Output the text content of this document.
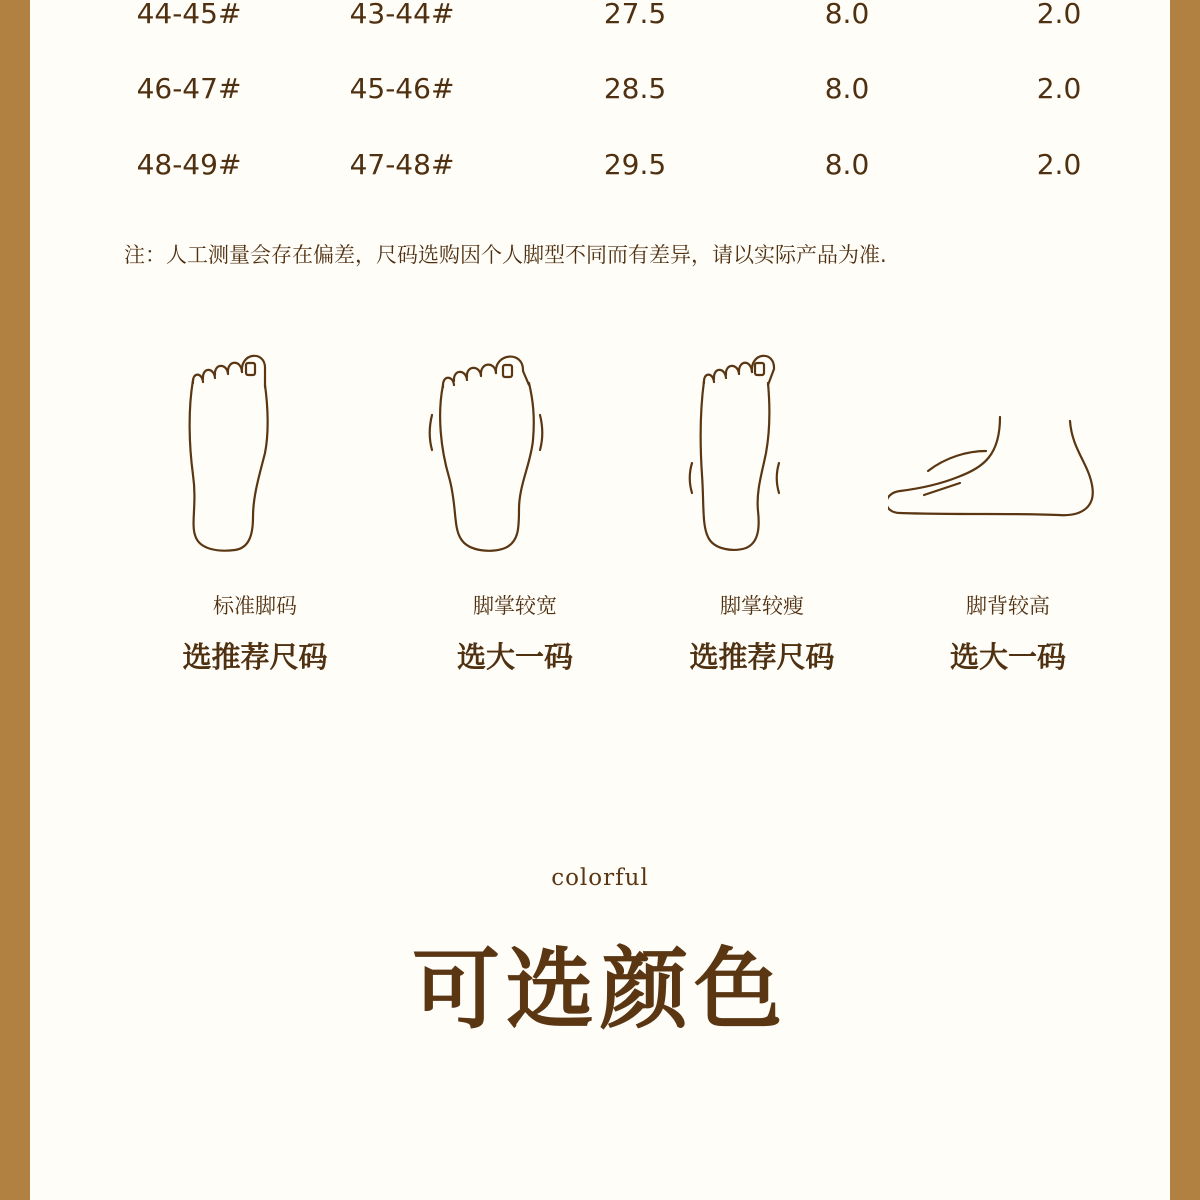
44-45#	43-44#	27.5	8.0	2.0
46-47#	45-46#	28.5	8.0	2.0
48-49#	47-48#	29.5	8.0	2.0
注：人工测量会存在偏差，尺码选购因个人脚型不同而有差异，请以实际产品为准.
标准脚码
选推荐尺码
脚掌较宽
选大一码
脚掌较瘦
选推荐尺码
脚背较高
选大一码
colorful
可选颜色
